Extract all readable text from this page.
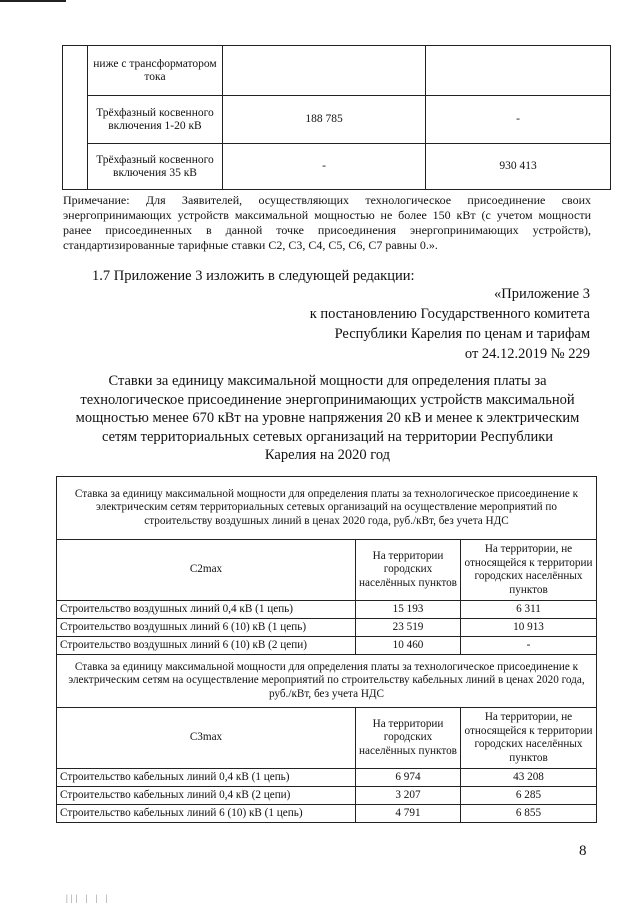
	ниже с трансформатором тока		
	Трёхфазный косвенного включения 1-20 кВ	188 785	-
	Трёхфазный косвенного включения 35 кВ	-	930 413
Примечание: Для Заявителей, осуществляющих технологическое присоединение своих энергопринимающих устройств максимальной мощностью не более 150 кВт (с учетом мощности ранее присоединенных в данной точке присоединения энергопринимающих устройств), стандартизированные тарифные ставки С2, С3, С4, С5, С6, С7 равны 0.».
1.7 Приложение 3 изложить в следующей редакции:
«Приложение 3
к постановлению Государственного комитета
Республики Карелия по ценам и тарифам
от 24.12.2019 № 229
Ставки за единицу максимальной мощности для определения платы за технологическое присоединение энергопринимающих устройств максимальной мощностью менее 670 кВт на уровне напряжения 20 кВ и менее к электрическим сетям территориальных сетевых организаций на территории Республики Карелия на 2020 год
Ставка за единицу максимальной мощности для определения платы за технологическое присоединение к электрическим сетям территориальных сетевых организаций на осуществление мероприятий по строительству воздушных линий в ценах 2020 года, руб./кВт, без учета НДС		
С2max	На территории городских населённых пунктов	На территории, не относящейся к территории городских населённых пунктов
Строительство воздушных линий 0,4 кВ (1 цепь)	15 193	6 311
Строительство воздушных линий 6 (10) кВ (1 цепь)	23 519	10 913
Строительство воздушных линий 6 (10) кВ (2 цепи)	10 460	-
Ставка за единицу максимальной мощности для определения платы за технологическое присоединение к электрическим сетям на осуществление мероприятий по строительству кабельных линий в ценах 2020 года, руб./кВт, без учета НДС		
С3max	На территории городских населённых пунктов	На территории, не относящейся к территории городских населённых пунктов
Строительство кабельных линий 0,4 кВ (1 цепь)	6 974	43 208
Строительство кабельных линий 0,4 кВ (2 цепи)	3 207	6 285
Строительство кабельных линий 6 (10) кВ (1 цепь)	4 791	6 855
8
||| | | |
